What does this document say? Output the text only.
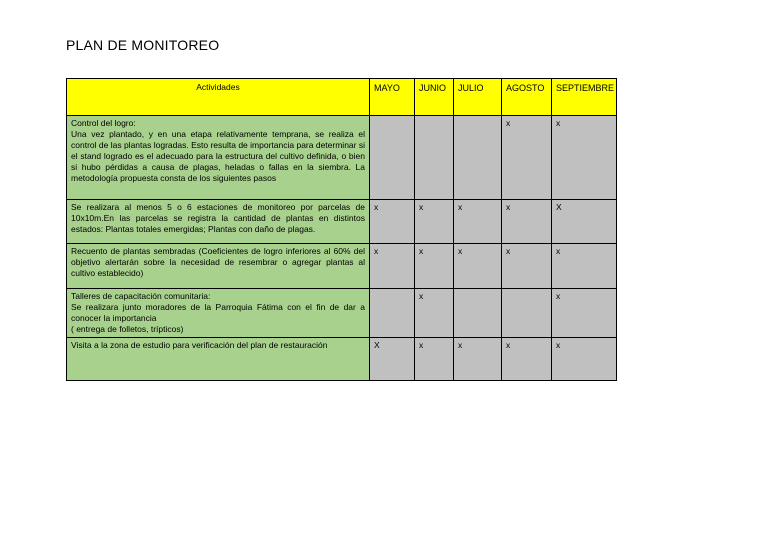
PLAN DE MONITOREO
Actividades	MAYO	JUNIO	JULIO	AGOSTO	SEPTIEMBRE

Control del logro:
Una vez plantado, y en una etapa relativamente temprana, se realiza el control de las plantas logradas. Esto resulta de importancia para determinar si el stand logrado es el adecuado para la estructura del cultivo definida, o bien si hubo pérdidas a causa de plagas, heladas o fallas en la siembra. La metodología propuesta consta de los siguientes pasos				x	x

Se realizara al menos 5 o 6 estaciones de monitoreo por parcelas de 10x10m.En las parcelas se registra la cantidad de plantas en distintos estados: Plantas totales emergidas; Plantas con daño de plagas.	x	x	x	x	X

Recuento de plantas sembradas (Coeficientes de logro inferiores al 60% del objetivo alertarán sobre la necesidad de resembrar o agregar plantas al cultivo establecido)	x	x	x	x	x

Talleres de capacitación comunitaria:
Se realizara junto moradores de la Parroquia Fátima con el fin de dar a conocer la importancia
( entrega de folletos, trípticos)		x			x

Visita a la zona de estudio para verificación del plan de restauración	X	x	x	x	x
